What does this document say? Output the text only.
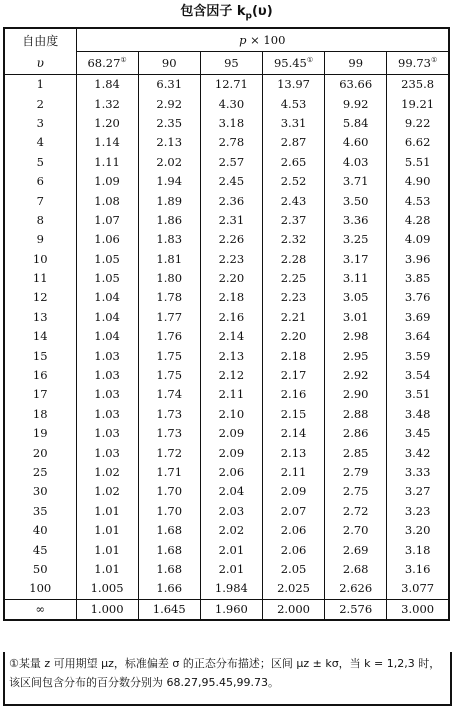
包含因子 $k_p(\upsilon)$
自由度
υ	p × 100					
	68.27①	90	95	95.45①	99	99.73①
1	1.84	6.31	12.71	13.97	63.66	235.8
2	1.32	2.92	4.30	4.53	9.92	19.21
3	1.20	2.35	3.18	3.31	5.84	9.22
4	1.14	2.13	2.78	2.87	4.60	6.62
5	1.11	2.02	2.57	2.65	4.03	5.51
6	1.09	1.94	2.45	2.52	3.71	4.90
7	1.08	1.89	2.36	2.43	3.50	4.53
8	1.07	1.86	2.31	2.37	3.36	4.28
9	1.06	1.83	2.26	2.32	3.25	4.09
10	1.05	1.81	2.23	2.28	3.17	3.96
11	1.05	1.80	2.20	2.25	3.11	3.85
12	1.04	1.78	2.18	2.23	3.05	3.76
13	1.04	1.77	2.16	2.21	3.01	3.69
14	1.04	1.76	2.14	2.20	2.98	3.64
15	1.03	1.75	2.13	2.18	2.95	3.59
16	1.03	1.75	2.12	2.17	2.92	3.54
17	1.03	1.74	2.11	2.16	2.90	3.51
18	1.03	1.73	2.10	2.15	2.88	3.48
19	1.03	1.73	2.09	2.14	2.86	3.45
20	1.03	1.72	2.09	2.13	2.85	3.42
25	1.02	1.71	2.06	2.11	2.79	3.33
30	1.02	1.70	2.04	2.09	2.75	3.27
35	1.01	1.70	2.03	2.07	2.72	3.23
40	1.01	1.68	2.02	2.06	2.70	3.20
45	1.01	1.68	2.01	2.06	2.69	3.18
50	1.01	1.68	2.01	2.05	2.68	3.16
100	1.005	1.66	1.984	2.025	2.626	3.077
∞	1.000	1.645	1.960	2.000	2.576	3.000
①某量 z 可用期望 μz，标准偏差 σ 的正态分布描述；区间 μz ± kσ，当 k = 1,2,3 时，
该区间包含分布的百分数分别为 68.27,95.45,99.73。
